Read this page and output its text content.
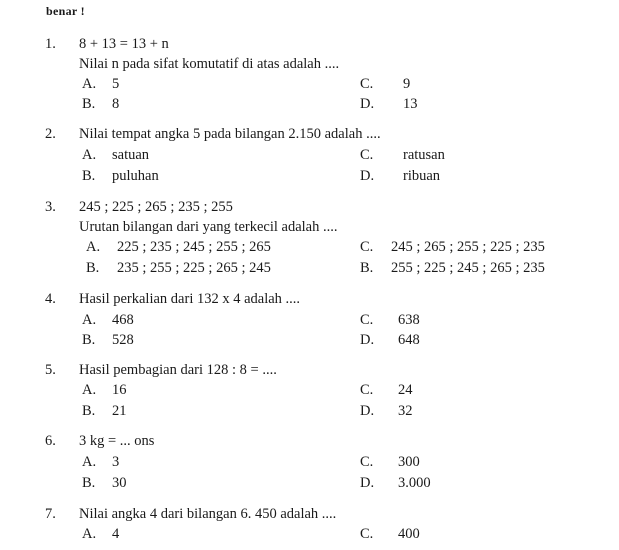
benar !
1. 8 + 13 = 13 + n
Nilai n pada sifat komutatif di atas adalah ....
A. 5	C. 9
B. 8	D. 13
2. Nilai tempat angka 5 pada bilangan 2.150 adalah ....
A. satuan	C. ratusan
B. puluhan	D. ribuan
3. 245 ; 225 ; 265 ; 235 ; 255
Urutan bilangan dari yang terkecil adalah ....
A. 225 ; 235 ; 245 ; 255 ; 265	C. 245 ; 265 ; 255 ; 225 ; 235
B. 235 ; 255 ; 225 ; 265 ; 245	B. 255 ; 225 ; 245 ; 265 ; 235
4. Hasil perkalian dari 132 x 4 adalah ....
A. 468	C. 638
B. 528	D. 648
5. Hasil pembagian dari 128 : 8 = ....
A. 16	C. 24
B. 21	D. 32
6. 3 kg = ... ons
A. 3	C. 300
B. 30	D. 3.000
7. Nilai angka 4 dari bilangan 6. 450 adalah ....
A. 4	C. 400
